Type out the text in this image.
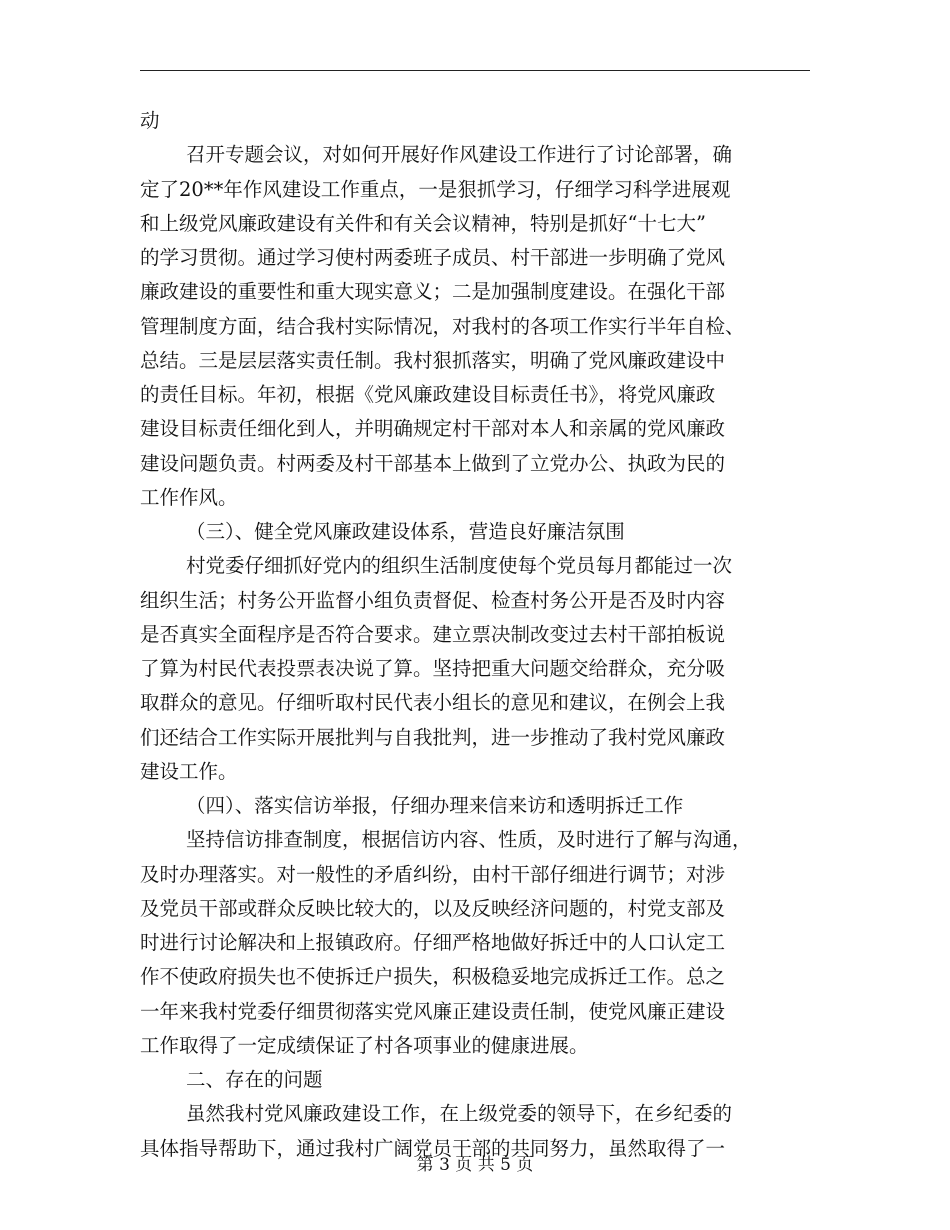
动
召开专题会议，对如何开展好作风建设工作进行了讨论部署，确
定了20**年作风建设工作重点，一是狠抓学习，仔细学习科学进展观
和上级党风廉政建设有关件和有关会议精神，特别是抓好“十七大”
的学习贯彻。通过学习使村两委班子成员、村干部进一步明确了党风
廉政建设的重要性和重大现实意义；二是加强制度建设。在强化干部
管理制度方面，结合我村实际情况，对我村的各项工作实行半年自检、
总结。三是层层落实责任制。我村狠抓落实，明确了党风廉政建设中
的责任目标。年初，根据《党风廉政建设目标责任书》，将党风廉政
建设目标责任细化到人，并明确规定村干部对本人和亲属的党风廉政
建设问题负责。村两委及村干部基本上做到了立党办公、执政为民的
工作作风。
（三）、健全党风廉政建设体系，营造良好廉洁氛围
村党委仔细抓好党内的组织生活制度使每个党员每月都能过一次
组织生活；村务公开监督小组负责督促、检查村务公开是否及时内容
是否真实全面程序是否符合要求。建立票决制改变过去村干部拍板说
了算为村民代表投票表决说了算。坚持把重大问题交给群众，充分吸
取群众的意见。仔细听取村民代表小组长的意见和建议，在例会上我
们还结合工作实际开展批判与自我批判，进一步推动了我村党风廉政
建设工作。
（四）、落实信访举报，仔细办理来信来访和透明拆迁工作
坚持信访排查制度，根据信访内容、性质，及时进行了解与沟通，
及时办理落实。对一般性的矛盾纠纷，由村干部仔细进行调节；对涉
及党员干部或群众反映比较大的，以及反映经济问题的，村党支部及
时进行讨论解决和上报镇政府。仔细严格地做好拆迁中的人口认定工
作不使政府损失也不使拆迁户损失，积极稳妥地完成拆迁工作。总之
一年来我村党委仔细贯彻落实党风廉正建设责任制，使党风廉正建设
工作取得了一定成绩保证了村各项事业的健康进展。
二、存在的问题
虽然我村党风廉政建设工作，在上级党委的领导下，在乡纪委的
具体指导帮助下，通过我村广阔党员干部的共同努力，虽然取得了一
第 3 页 共 5 页
